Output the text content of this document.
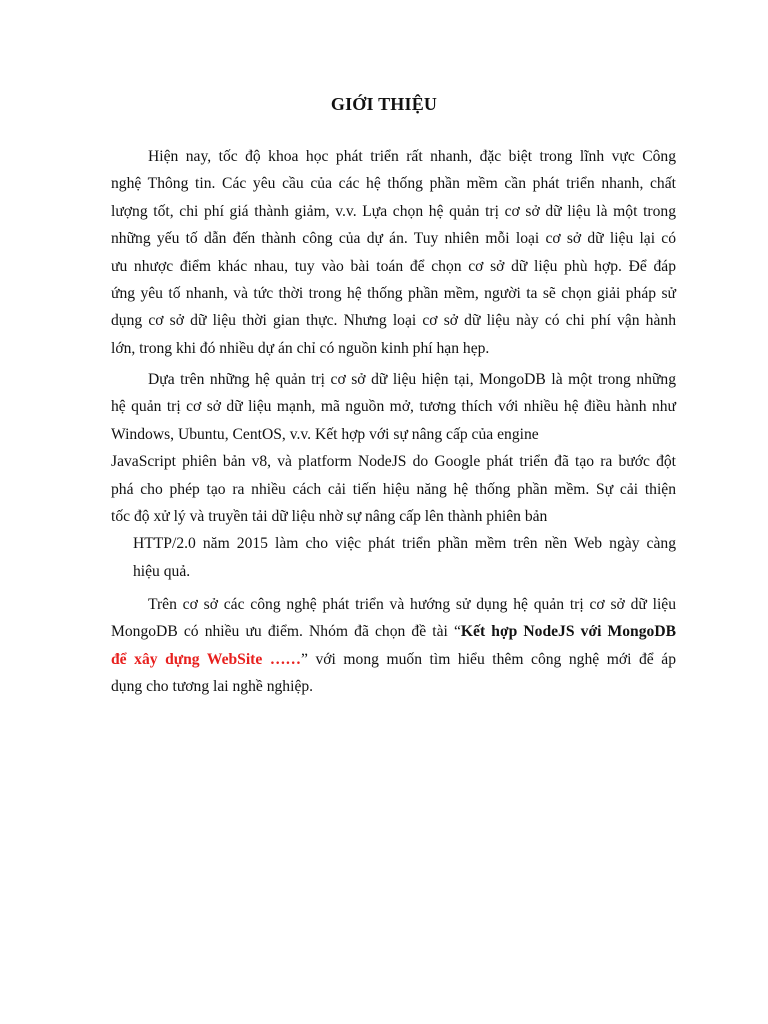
GIỚI THIỆU
Hiện nay, tốc độ khoa học phát triển rất nhanh, đặc biệt trong lĩnh vực Công
nghệ Thông tin. Các yêu cầu của các hệ thống phần mềm cần phát triển nhanh, chất
lượng tốt, chi phí giá thành giảm, v.v. Lựa chọn hệ quản trị cơ sở dữ liệu là một trong
những yếu tố dẫn đến thành công của dự án. Tuy nhiên mỗi loại cơ sở dữ liệu lại có
ưu nhược điểm khác nhau, tuy vào bài toán để chọn cơ sở dữ liệu phù hợp. Để đáp
ứng yêu tố nhanh, và tức thời trong hệ thống phần mềm, người ta sẽ chọn giải pháp sử
dụng cơ sở dữ liệu thời gian thực. Nhưng loại cơ sở dữ liệu này có chi phí vận hành
lớn, trong khi đó nhiều dự án chỉ có nguồn kinh phí hạn hẹp.
Dựa trên những hệ quản trị cơ sở dữ liệu hiện tại, MongoDB là một trong những
hệ quản trị cơ sở dữ liệu mạnh, mã nguồn mở, tương thích với nhiều hệ điều hành như
Windows, Ubuntu, CentOS, v.v. Kết hợp với sự nâng cấp của engine
JavaScript phiên bản v8, và platform NodeJS do Google phát triển đã tạo ra bước đột
phá cho phép tạo ra nhiều cách cải tiến hiệu năng hệ thống phần mềm. Sự cải thiện
tốc độ xử lý và truyền tải dữ liệu nhờ sự nâng cấp lên thành phiên bản
HTTP/2.0 năm 2015 làm cho việc phát triển phần mềm trên nền Web ngày càng
hiệu quả.
Trên cơ sở các công nghệ phát triển và hướng sử dụng hệ quản trị cơ sở dữ liệu
MongoDB có nhiều ưu điểm. Nhóm đã chọn đề tài “Kết hợp NodeJS với MongoDB
để xây dựng WebSite ……” với mong muốn tìm hiểu thêm công nghệ mới để áp
dụng cho tương lai nghề nghiệp.
